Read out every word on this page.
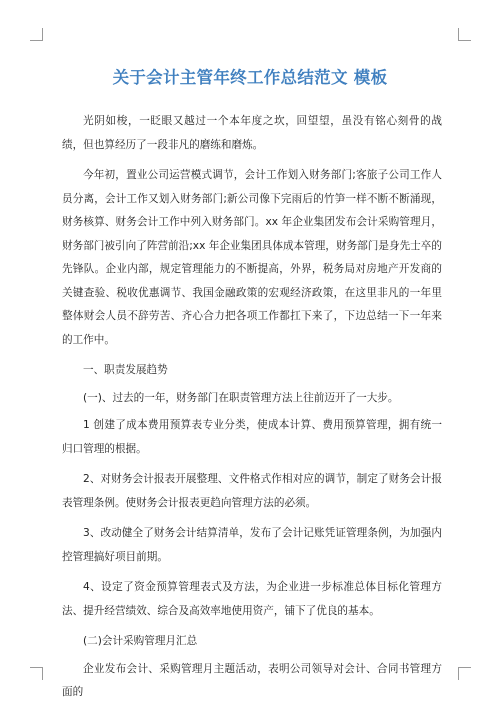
关于会计主管年终工作总结范文 模板

光阴如梭，一眨眼又越过一个本年度之坎，回望望，虽没有铭心刻骨的战绩，但也算经历了一段非凡的磨练和磨炼。

今年初，置业公司运营模式调节，会计工作划入财务部门;客旅子公司工作人员分离，会计工作又划入财务部门;新公司像下完雨后的竹笋一样不断不断涌现，财务核算、财务会计工作中列入财务部门。xx 年企业集团发布会计采购管理月，财务部门被引向了阵营前沿;xx 年企业集团具体成本管理，财务部门是身先士卒的先锋队。企业内部，规定管理能力的不断提高，外界，税务局对房地产开发商的关键查验、税收优惠调节、我国金融政策的宏观经济政策，在这里非凡的一年里整体财会人员不辞劳苦、齐心合力把各项工作都扛下来了，下边总结一下一年来的工作中。

一、职责发展趋势

(一)、过去的一年，财务部门在职责管理方法上往前迈开了一大步。

1 创建了成本费用预算表专业分类，使成本计算、费用预算管理，拥有统一归口管理的根据。

2、对财务会计报表开展整理、文件格式作相对应的调节，制定了财务会计报表管理条例。使财务会计报表更趋向管理方法的必须。

3、改动健全了财务会计结算清单，发布了会计记账凭证管理条例，为加强内控管理搞好项目前期。

4、设定了资金预算管理表式及方法，为企业进一步标准总体目标化管理方法、提升经营绩效、综合及高效率地使用资产，铺下了优良的基本。

(二)会计采购管理月汇总

企业发布会计、采购管理月主题活动，表明公司领导对会计、合同书管理方面的
